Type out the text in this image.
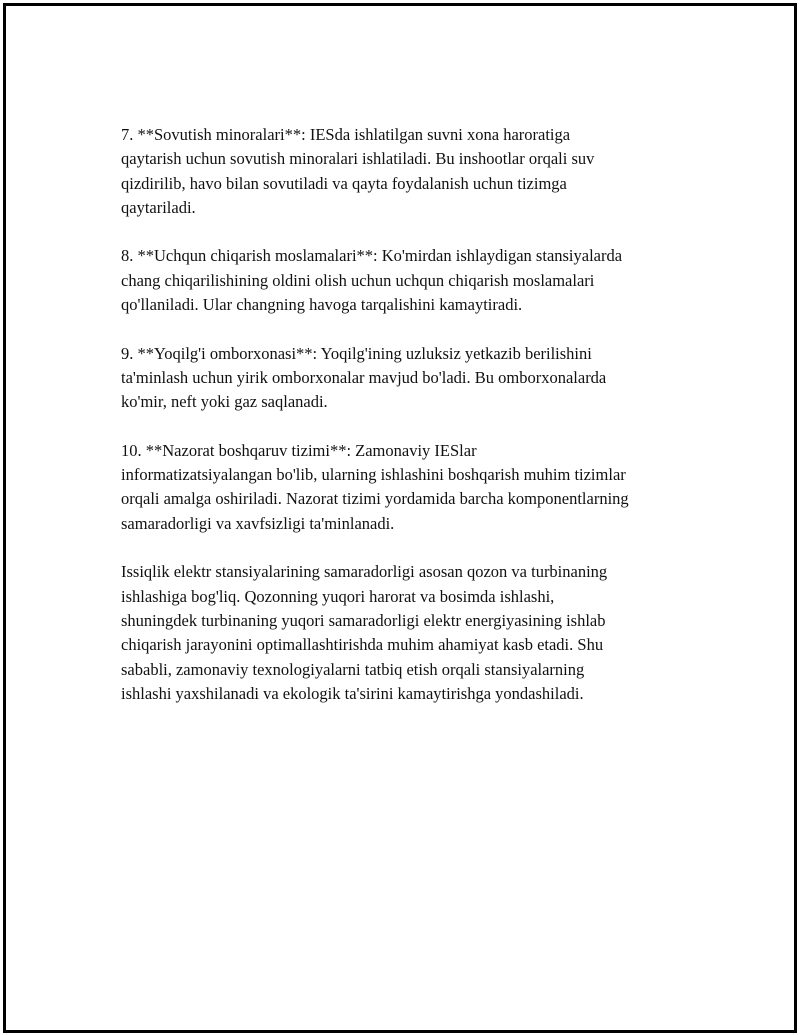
7. **Sovutish minoralari**: IESda ishlatilgan suvni xona haroratiga
qaytarish uchun sovutish minoralari ishlatiladi. Bu inshootlar orqali suv
qizdirilib, havo bilan sovutiladi va qayta foydalanish uchun tizimga
qaytariladi.

8. **Uchqun chiqarish moslamalari**: Ko'mirdan ishlaydigan stansiyalarda
chang chiqarilishining oldini olish uchun uchqun chiqarish moslamalari
qo'llaniladi. Ular changning havoga tarqalishini kamaytiradi.

9. **Yoqilg'i omborxonasi**: Yoqilg'ining uzluksiz yetkazib berilishini
ta'minlash uchun yirik omborxonalar mavjud bo'ladi. Bu omborxonalarda
ko'mir, neft yoki gaz saqlanadi.

10. **Nazorat boshqaruv tizimi**: Zamonaviy IESlar
informatizatsiyalangan bo'lib, ularning ishlashini boshqarish muhim tizimlar
orqali amalga oshiriladi. Nazorat tizimi yordamida barcha komponentlarning
samaradorligi va xavfsizligi ta'minlanadi.

Issiqlik elektr stansiyalarining samaradorligi asosan qozon va turbinaning
ishlashiga bog'liq. Qozonning yuqori harorat va bosimda ishlashi,
shuningdek turbinaning yuqori samaradorligi elektr energiyasining ishlab
chiqarish jarayonini optimallashtirishda muhim ahamiyat kasb etadi. Shu
sababli, zamonaviy texnologiyalarni tatbiq etish orqali stansiyalarning
ishlashi yaxshilanadi va ekologik ta'sirini kamaytirishga yondashiladi.
